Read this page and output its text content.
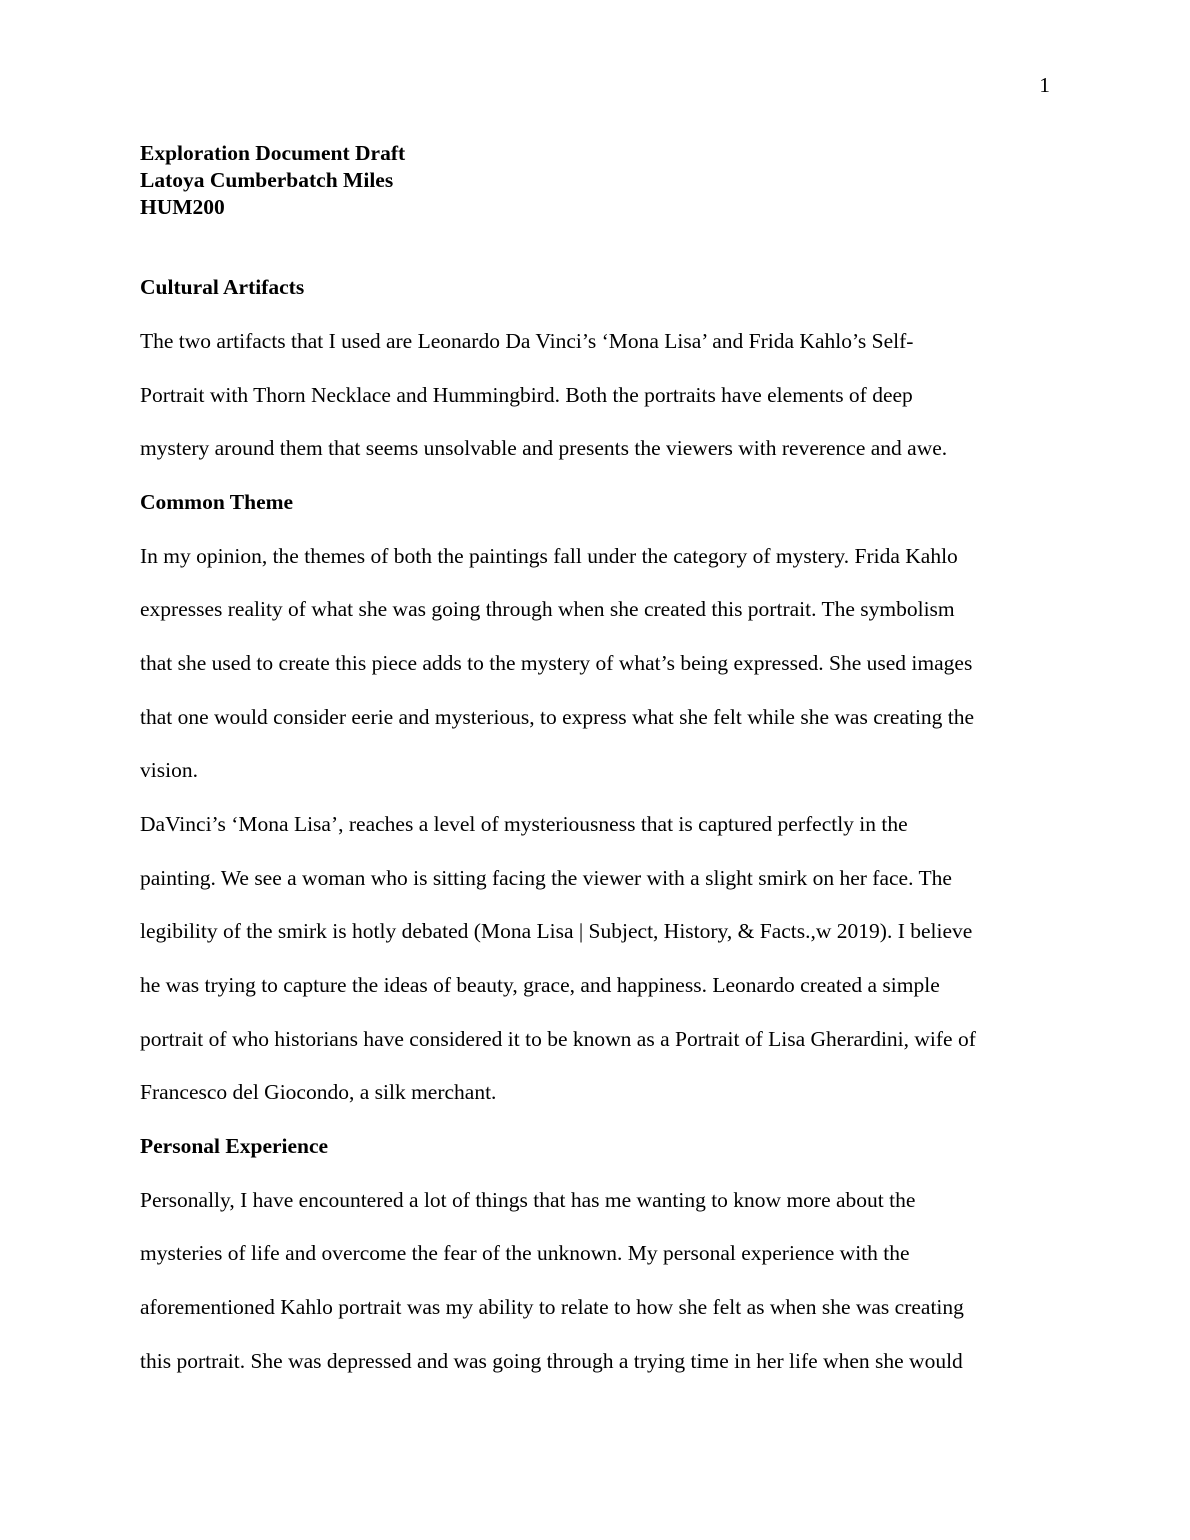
1
Exploration Document Draft
Latoya Cumberbatch Miles
HUM200
Cultural Artifacts
The two artifacts that I used are Leonardo Da Vinci’s ‘Mona Lisa’ and Frida Kahlo’s Self-
Portrait with Thorn Necklace and Hummingbird. Both the portraits have elements of deep
mystery around them that seems unsolvable and presents the viewers with reverence and awe.
Common Theme
In my opinion, the themes of both the paintings fall under the category of mystery. Frida Kahlo
expresses reality of what she was going through when she created this portrait. The symbolism
that she used to create this piece adds to the mystery of what’s being expressed. She used images
that one would consider eerie and mysterious, to express what she felt while she was creating the
vision.
DaVinci’s ‘Mona Lisa’, reaches a level of mysteriousness that is captured perfectly in the
painting. We see a woman who is sitting facing the viewer with a slight smirk on her face. The
legibility of the smirk is hotly debated (Mona Lisa | Subject, History, & Facts.,w 2019). I believe
he was trying to capture the ideas of beauty, grace, and happiness. Leonardo created a simple
portrait of who historians have considered it to be known as a Portrait of Lisa Gherardini, wife of
Francesco del Giocondo, a silk merchant.
Personal Experience
Personally, I have encountered a lot of things that has me wanting to know more about the
mysteries of life and overcome the fear of the unknown. My personal experience with the
aforementioned Kahlo portrait was my ability to relate to how she felt as when she was creating
this portrait. She was depressed and was going through a trying time in her life when she would
